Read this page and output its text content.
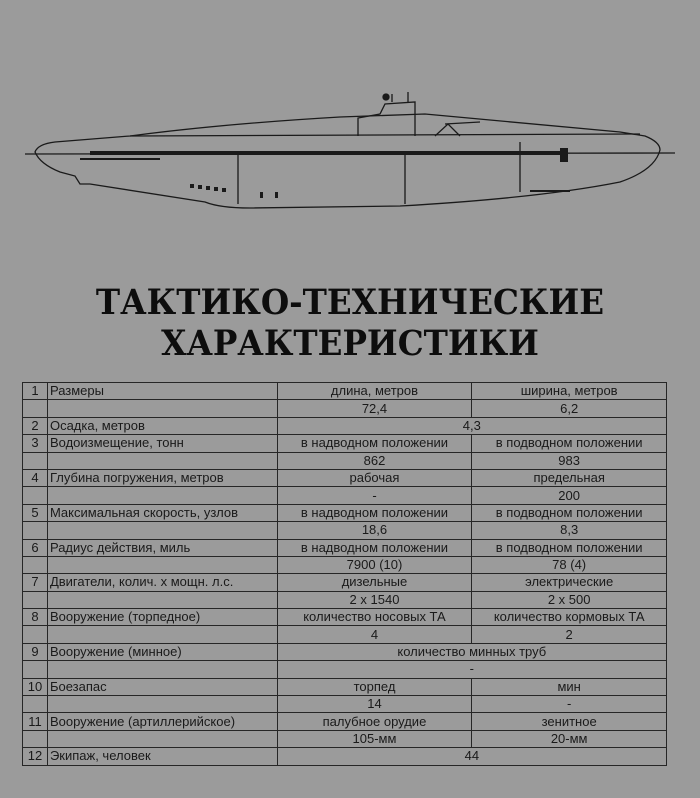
ТАКТИКО-ТЕХНИЧЕСКИЕ
ХАРАКТЕРИСТИКИ
1	Размеры	длина, метров	ширина, метров
		72,4	6,2
2	Осадка, метров	4,3	
3	Водоизмещение, тонн	в надводном положении	в подводном положении
		862	983
4	Глубина погружения, метров	рабочая	предельная
		-	200
5	Максимальная скорость, узлов	в надводном положении	в подводном положении
		18,6	8,3
6	Радиус действия, миль	в надводном положении	в подводном положении
		7900 (10)	78 (4)
7	Двигатели, колич. х мощн. л.с.	дизельные	электрические
		2 х 1540	2 х 500
8	Вооружение (торпедное)	количество носовых ТА	количество кормовых ТА
		4	2
9	Вооружение (минное)	количество минных труб	
		-	
10	Боезапас	торпед	мин
		14	-
11	Вооружение (артиллерийское)	палубное орудие	зенитное
		105-мм	20-мм
12	Экипаж, человек	44	
